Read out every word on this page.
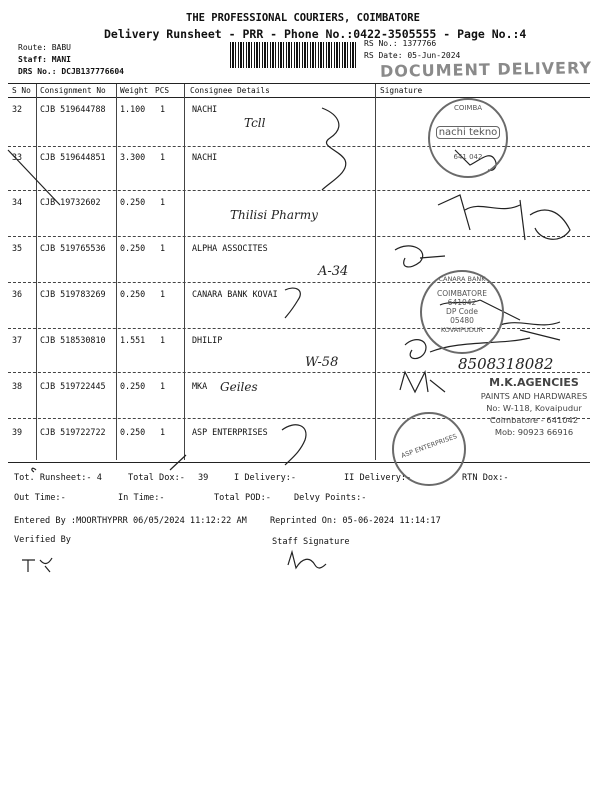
THE PROFESSIONAL COURIERS, COIMBATORE
Delivery Runsheet - PRR - Phone No.:0422-3505555 - Page No.:4
Route: BABU
Staff: MANI
DRS No.: DCJB137776604
RS No.: 1377766
RS Date: 05-Jun-2024
DOCUMENT DELIVERY
S No Consignment No Weight PCS	Consignee Details	Signature
32 CJB 519644788 1.100 1	NACHI
33 CJB 519644851 3.300 1	NACHI
34 CJB 19732602 0.250 1
35 CJB 519765536 0.250 1	ALPHA ASSOCITES
36 CJB 519783269 0.250 1	CANARA BANK KOVAI
37 CJB 518530810 1.551 1	DHILIP
38 CJB 519722445 0.250 1	MKA
39 CJB 519722722 0.250 1	ASP ENTERPRISES
Tcll
Thilisi Pharmy
A-34
W-58	8508318082
Geiles
COIMBA
nachi tekno
641 042
CANARA BANK
COIMBATORE
641042
DP Code
05480
KOVAIPUDUR
M.K.AGENCIES
PAINTS AND HARDWARES
No: W-118, Kovaipudur
Coimbatore - 641042
Mob: 90923 66916
ASP ENTERPRISES
Tot. Runsheet:- 4	Total Dox:- 39	I Delivery:-	II Delivery:-	RTN Dox:-
Out Time:-	In Time:-	Total POD:-	Delvy Points:-
Entered By :MOORTHYPRR 06/05/2024 11:12:22 AM	Reprinted On: 05-06-2024 11:14:17
Verified By	Staff Signature
